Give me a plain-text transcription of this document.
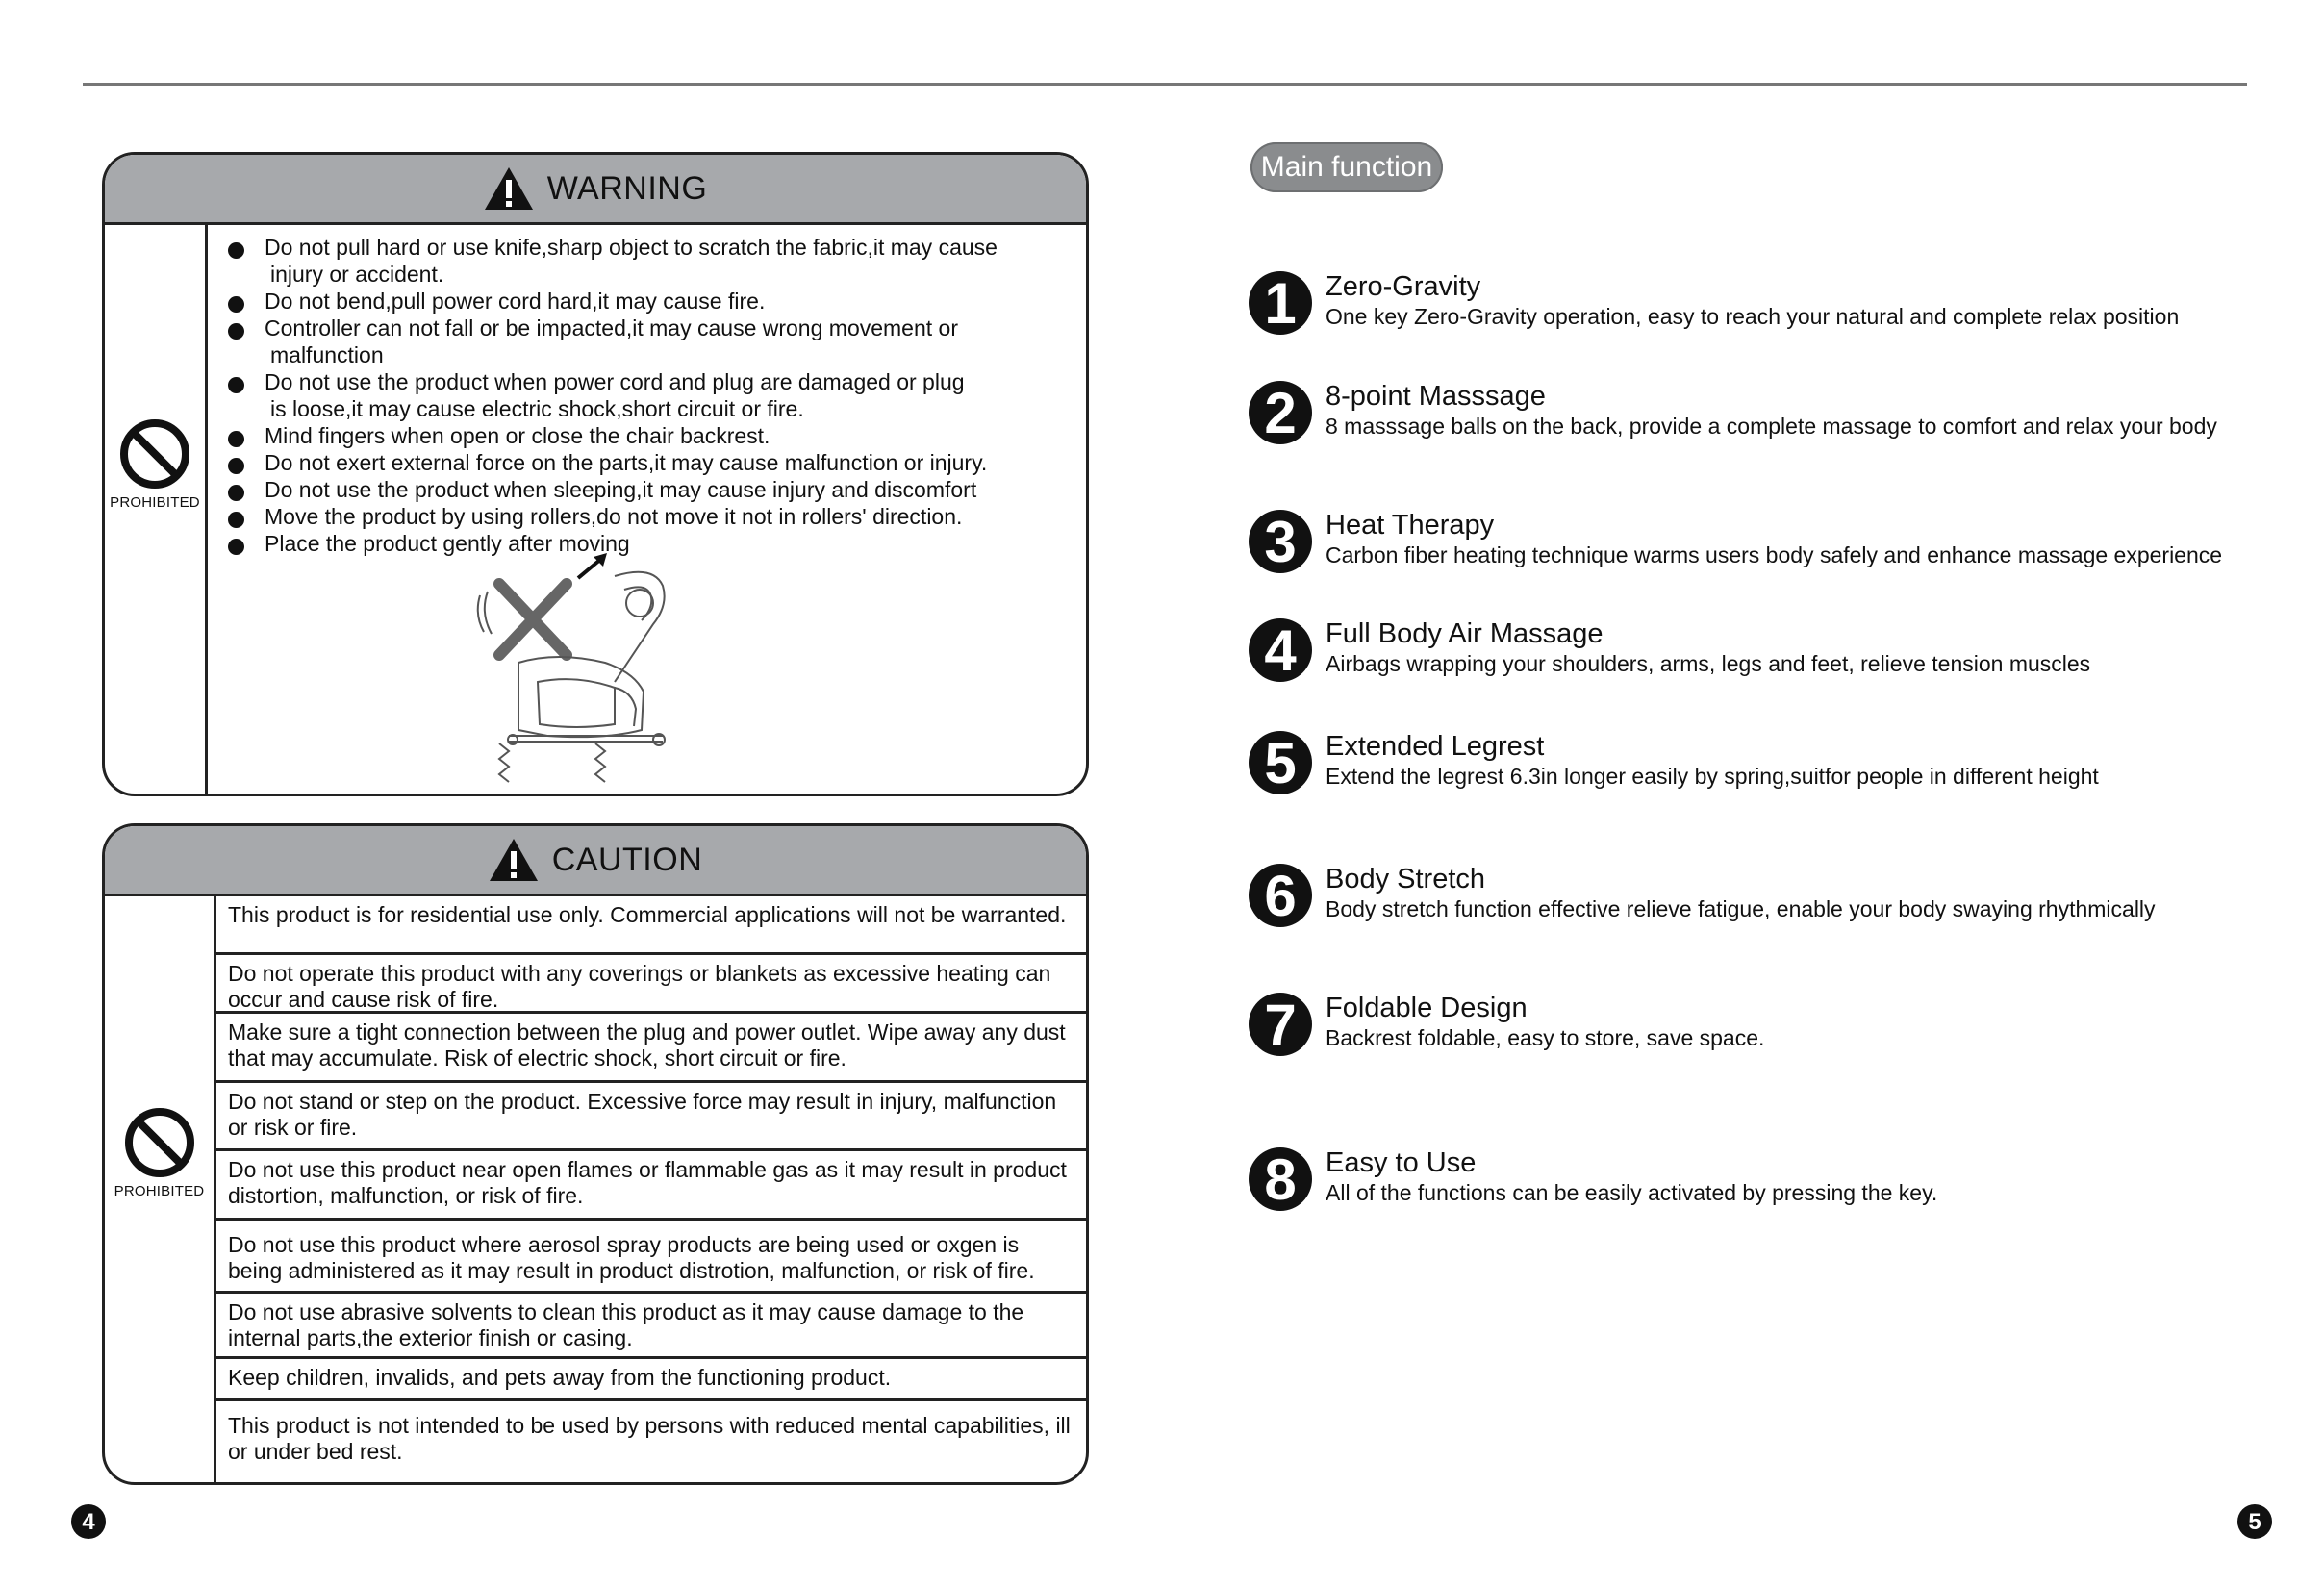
WARNING
PROHIBITED
Do not pull hard or use knife,sharp object to scratch the fabric,it may cause
injury or accident.
Do not bend,pull power cord hard,it may cause fire.
Controller can not fall or be impacted,it may cause wrong movement or
malfunction
Do not use the product when power cord and plug are damaged or plug
is loose,it may cause electric shock,short circuit or fire.
Mind fingers when open or close the chair backrest.
Do not exert external force on the parts,it may cause malfunction or injury.
Do not use the product when sleeping,it may cause injury and discomfort
Move the product by using rollers,do not move it not in rollers' direction.
Place the product gently after moving
CAUTION
PROHIBITED
This product is for residential use only. Commercial applications will not be warranted.
Do not operate this product with any coverings or blankets as excessive heating can occur and cause risk of fire.
Make sure a tight connection between the plug and power outlet. Wipe away any dust that may accumulate. Risk of electric shock, short circuit or fire.
Do not stand or step on the product. Excessive force may result in injury, malfunction or risk or fire.
Do not use this product near open flames or flammable gas as it may result in product distortion, malfunction, or risk of fire.
Do not use this product where aerosol spray products are being used or oxgen is being administered as it may result in product distrotion, malfunction, or risk of fire.
Do not use abrasive solvents to clean this product as it may cause damage to the internal parts,the exterior finish or casing.
Keep children, invalids, and pets away from the functioning product.
This product is not intended to be used by persons with reduced mental capabilities, ill or under bed rest.
Main function
1	Zero-Gravity
One key Zero-Gravity operation, easy to reach your natural and complete relax position
2	8-point Masssage
8 masssage balls on the back, provide a complete massage to comfort and relax your body
3	Heat Therapy
Carbon fiber heating technique warms users body safely and enhance massage experience
4	Full Body Air Massage
Airbags wrapping your shoulders, arms, legs and feet, relieve tension muscles
5	Extended Legrest
Extend the legrest 6.3in longer easily by spring,suitfor people in different height
6	Body Stretch
Body stretch function effective relieve fatigue, enable your body swaying rhythmically
7	Foldable Design
Backrest foldable, easy to store, save space.
8	Easy to Use
All of the functions can be easily activated by pressing the key.
4	5
